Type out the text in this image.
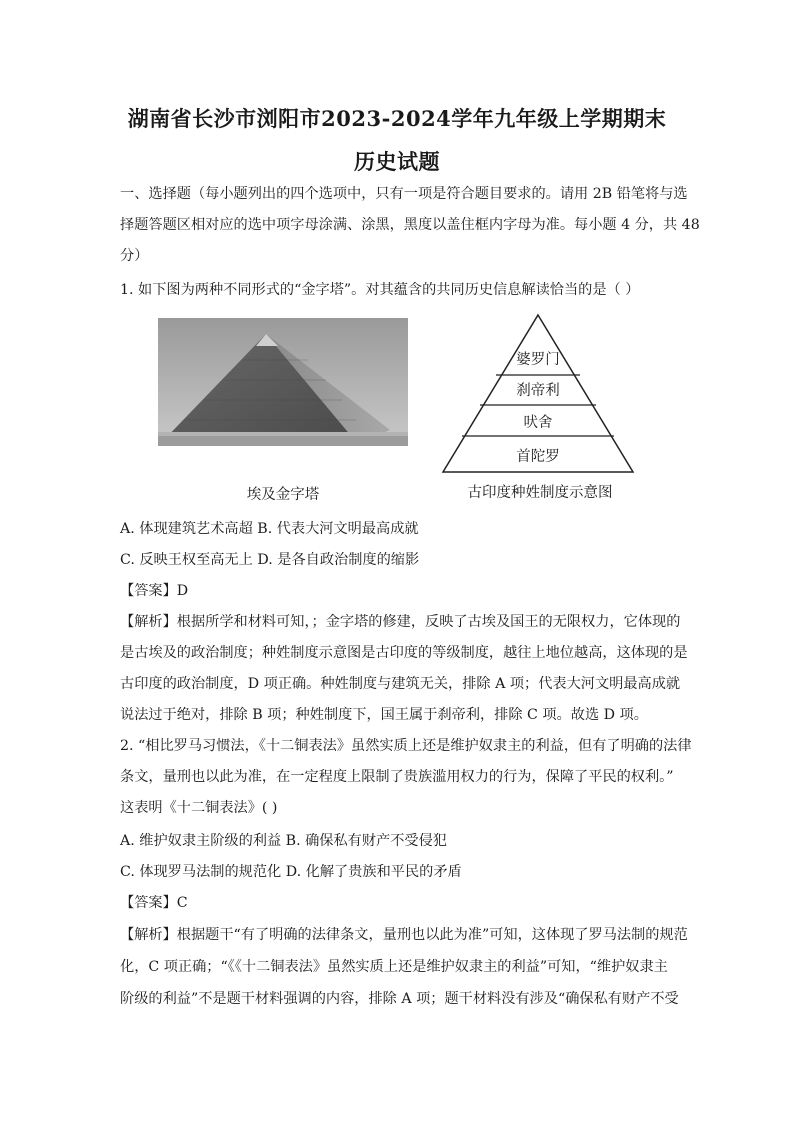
湖南省长沙市浏阳市2023-2024学年九年级上学期期末
历史试题
一、选择题（每小题列出的四个选项中，只有一项是符合题目要求的。请用 2B 铅笔将与选
择题答题区相对应的选中项字母涂满、涂黑，黑度以盖住框内字母为准。每小题 4 分，共 48
分）
1. 如下图为两种不同形式的“金字塔”。对其蕴含的共同历史信息解读恰当的是（ ）
埃及金字塔
婆罗门
刹帝利
吠舍
首陀罗
古印度种姓制度示意图
A. 体现建筑艺术高超 B. 代表大河文明最高成就
C. 反映王权至高无上 D. 是各自政治制度的缩影
【答案】D
【解析】根据所学和材料可知，；金字塔的修建，反映了古埃及国王的无限权力，它体现的
是古埃及的政治制度；种姓制度示意图是古印度的等级制度，越往上地位越高，这体现的是
古印度的政治制度，D 项正确。种姓制度与建筑无关，排除 A 项；代表大河文明最高成就
说法过于绝对，排除 B 项；种姓制度下，国王属于刹帝利，排除 C 项。故选 D 项。
2. “相比罗马习惯法，《十二铜表法》虽然实质上还是维护奴隶主的利益，但有了明确的法律
条文，量刑也以此为准，在一定程度上限制了贵族滥用权力的行为，保障了平民的权利。”
这表明《十二铜表法》( )
A. 维护奴隶主阶级的利益 B. 确保私有财产不受侵犯
C. 体现罗马法制的规范化 D. 化解了贵族和平民的矛盾
【答案】C
【解析】根据题干“有了明确的法律条文，量刑也以此为准”可知，这体现了罗马法制的规范
化，C 项正确；“《《十二铜表法》虽然实质上还是维护奴隶主的利益”可知，“维护奴隶主
阶级的利益”不是题干材料强调的内容，排除 A 项；题干材料没有涉及“确保私有财产不受
